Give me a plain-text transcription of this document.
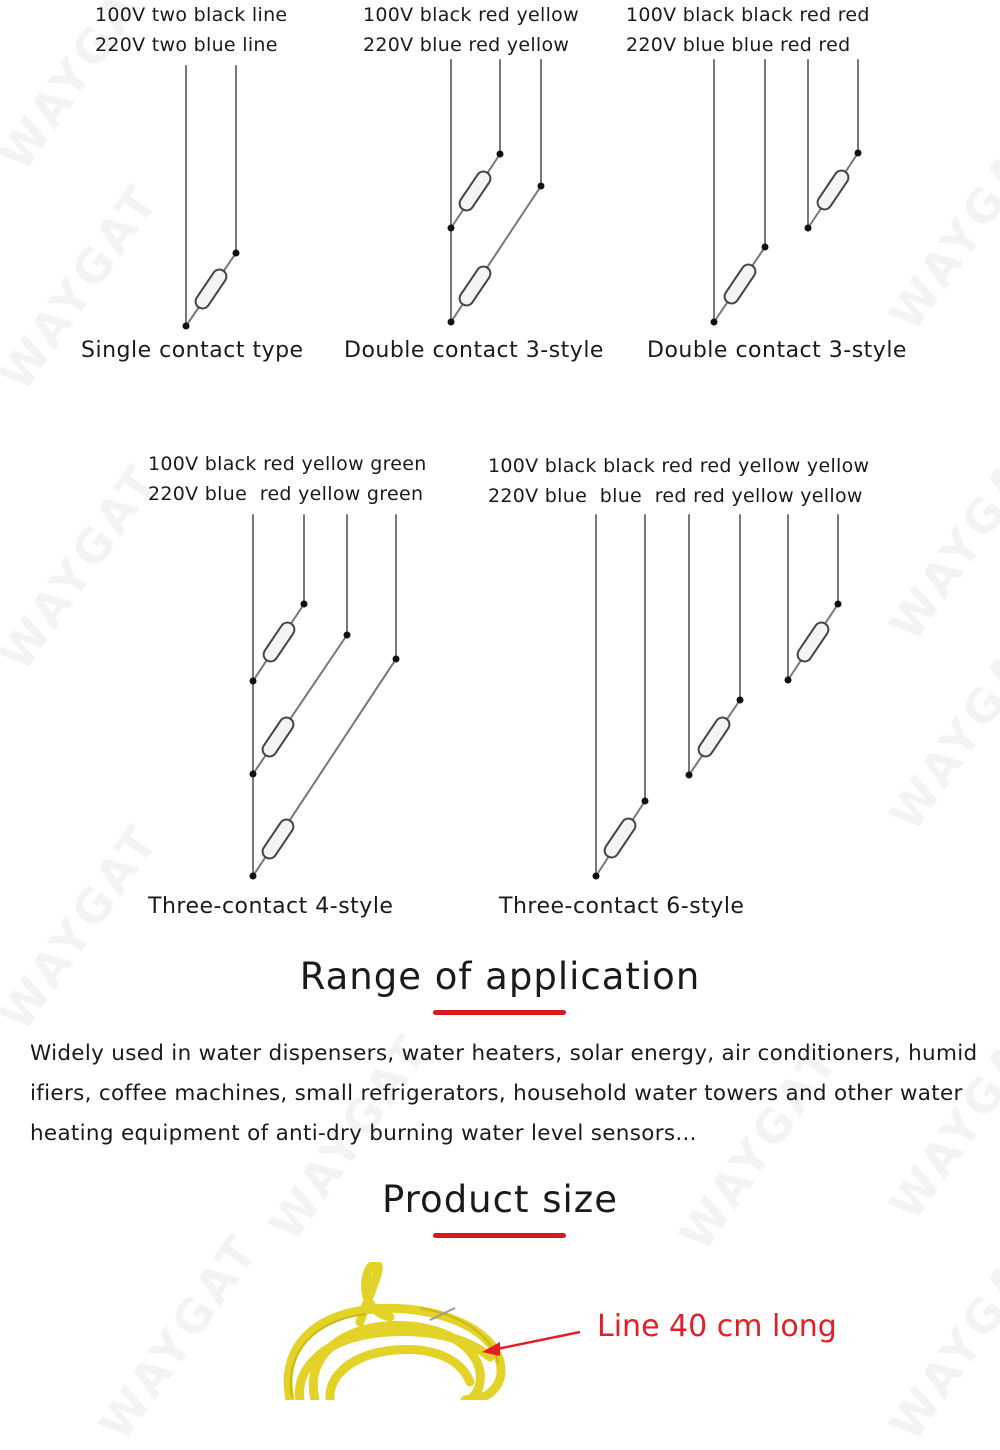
100V two black line
220V two blue line
100V black red yellow
220V blue red yellow
100V black black red red
220V blue blue red red
Single contact type Double contact 3-style Double contact 3-style
100V black red yellow green
220V blue  red yellow green
100V black black red red yellow yellow
220V blue  blue  red red yellow yellow
Three-contact 4-style	Three-contact 6-style
Range of application
Widely used in water dispensers, water heaters, solar energy, air conditioners, humidifiers, coffee machines, small refrigerators, household water towers and other water heating equipment of anti-dry burning water level sensors...
Product size
Line 40 cm long
